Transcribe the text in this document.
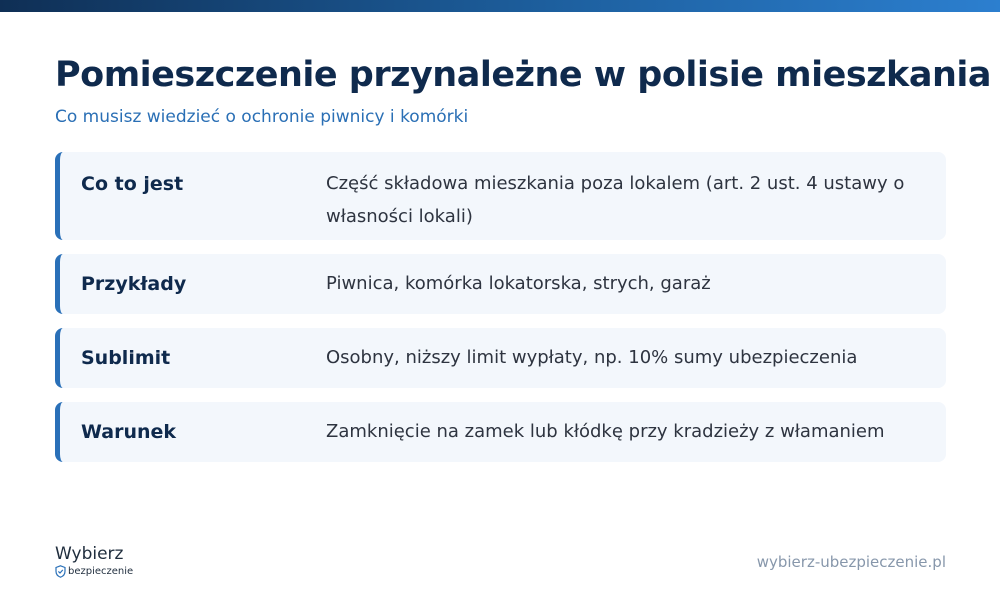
Pomieszczenie przynależne w polisie mieszkania
Co musisz wiedzieć o ochronie piwnicy i komórki
Co to jest	Część składowa mieszkania poza lokalem (art. 2 ust. 4 ustawy o własności lokali)
Przykłady	Piwnica, komórka lokatorska, strych, garaż
Sublimit	Osobny, niższy limit wypłaty, np. 10% sumy ubezpieczenia
Warunek	Zamknięcie na zamek lub kłódkę przy kradzieży z włamaniem
Wybierz
bezpieczenie	wybierz-ubezpieczenie.pl
